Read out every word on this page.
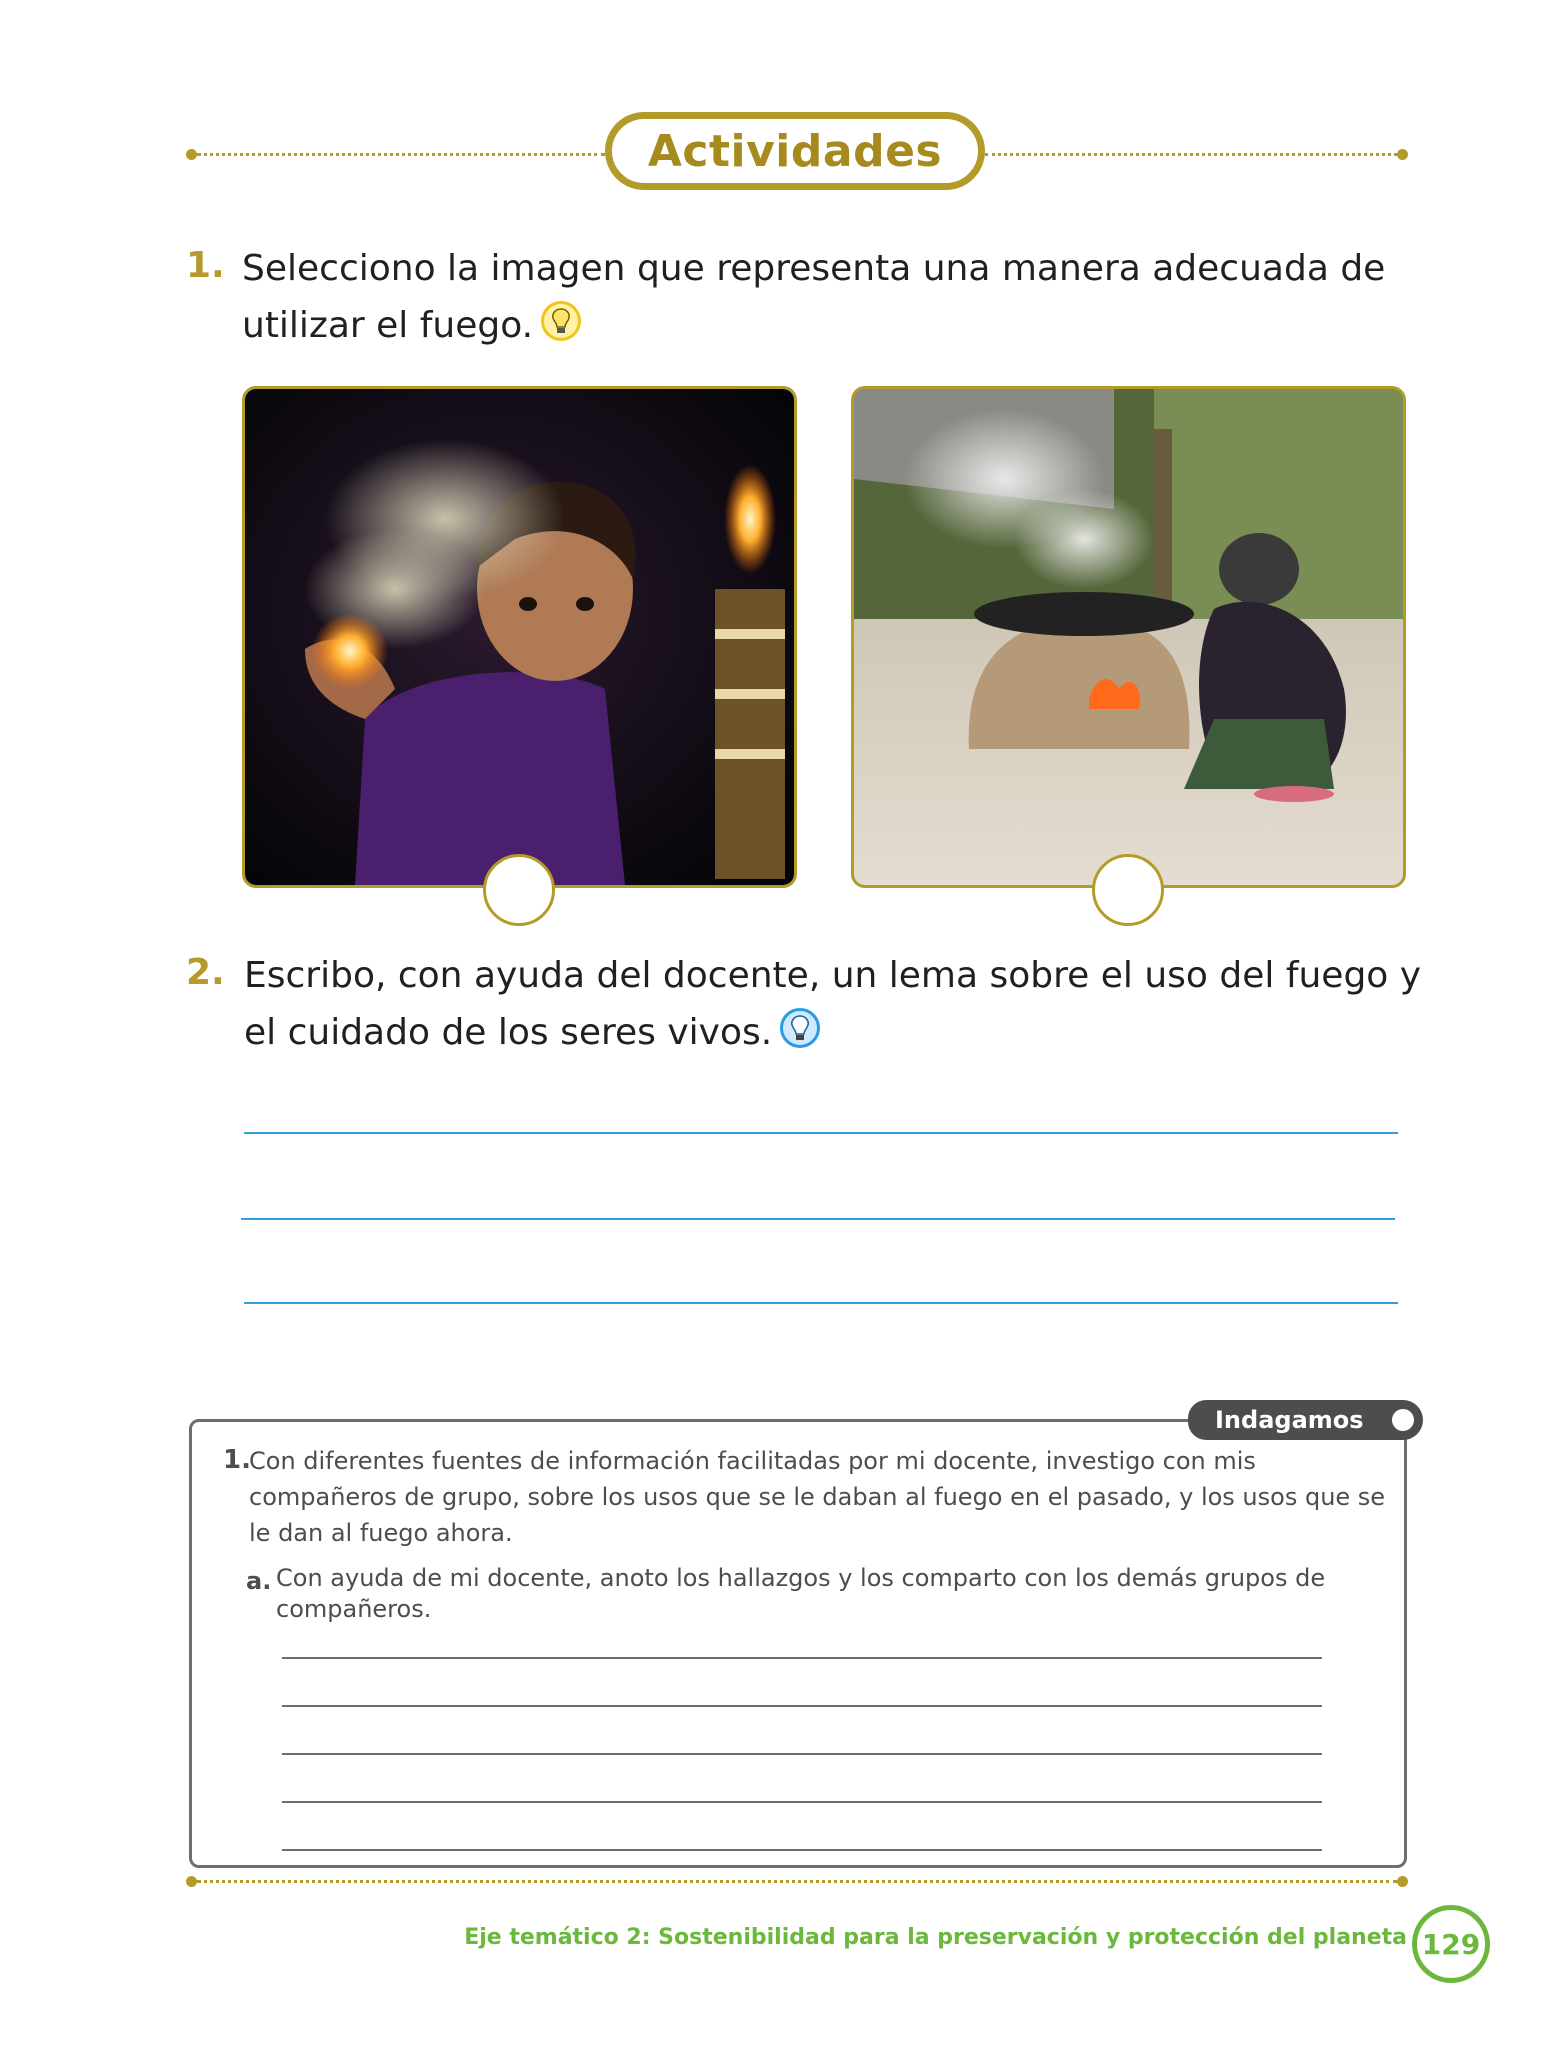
Actividades
1. Selecciono la imagen que representa una manera adecuada de
utilizar el fuego.
2. Escribo, con ayuda del docente, un lema sobre el uso del fuego y
el cuidado de los seres vivos.
Indagamos
1.
Con diferentes fuentes de información facilitadas por mi docente, investigo con mis
compañeros de grupo, sobre los usos que se le daban al fuego en el pasado, y los usos que se
le dan al fuego ahora.
a. Con ayuda de mi docente, anoto los hallazgos y los comparto con los demás grupos de
compañeros.
Eje temático 2: Sostenibilidad para la preservación y protección del planeta 129
